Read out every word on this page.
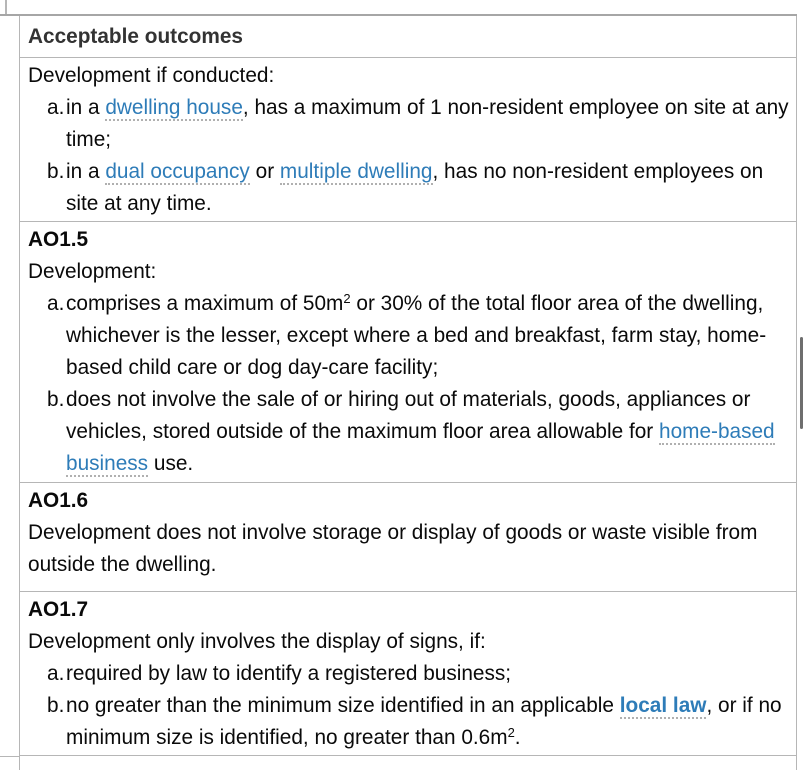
Acceptable outcomes
Development if conducted:
a. in a dwelling house, has a maximum of 1 non-resident employee on site at any time;
b. in a dual occupancy or multiple dwelling, has no non-resident employees on site at any time.
AO1.5
Development:
a. comprises a maximum of $50m^2$ or 30% of the total floor area of the dwelling, whichever is the lesser, except where a bed and breakfast, farm stay, home-based child care or dog day-care facility;
b. does not involve the sale of or hiring out of materials, goods, appliances or vehicles, stored outside of the maximum floor area allowable for home-based business use.
AO1.6
Development does not involve storage or display of goods or waste visible from outside the dwelling.
AO1.7
Development only involves the display of signs, if:
a. required by law to identify a registered business;
b. no greater than the minimum size identified in an applicable local law, or if no minimum size is identified, no greater than $0.6m^2$.
